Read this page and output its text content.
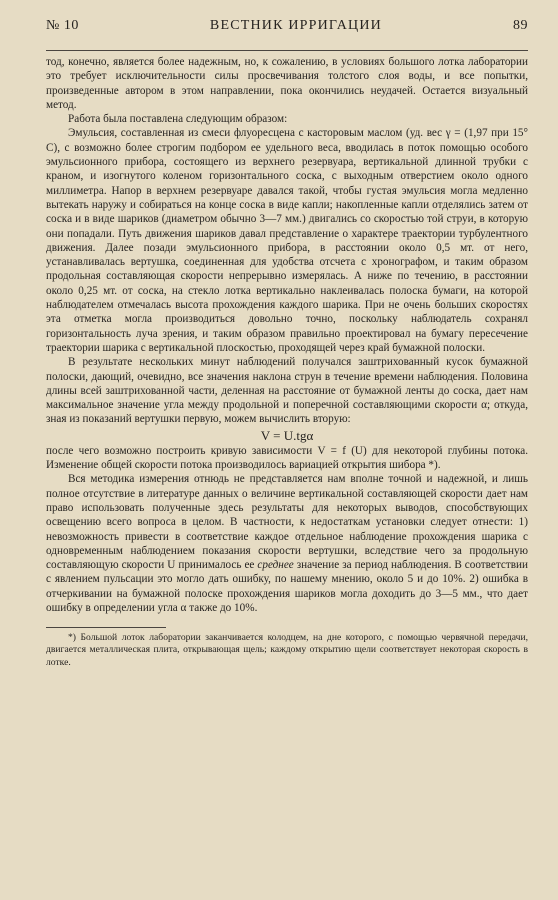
№ 10	ВЕСТНИК ИРРИГАЦИИ	89

тод, конечно, является более надежным, но, к сожалению, в условиях большого лотка лаборатории это требует исключительности силы просвечивания толстого слоя воды, и все попытки, произведенные автором в этом направлении, пока окончились неудачей. Остается визуальный метод.

Работа была поставлена следующим образом:

Эмульсия, составленная из смеси флуоресцена с касторовым маслом (уд. вес γ = (1,97 при 15° С), с возможно более строгим подбором ее удельного веса, вводилась в поток помощью особого эмульсионного прибора, состоящего из верхнего резервуара, вертикальной длинной трубки с краном, и изогнутого коленом горизонтального соска, с выходным отверстием около одного миллиметра. Напор в верхнем резервуаре давался такой, чтобы густая эмульсия могла медленно вытекать наружу и собираться на конце соска в виде капли; накопленные капли отделялись затем от соска и в виде шариков (диаметром обычно 3—7 мм.) двигались со скоростью той струи, в которую они попадали. Путь движения шариков давал представление о характере траектории турбулентного движения. Далее позади эмульсионного прибора, в расстоянии около 0,5 мт. от него, устанавливалась вертушка, соединенная для удобства отсчета с хронографом, и таким образом продольная составляющая скорости непрерывно измерялась. А ниже по течению, в расстоянии около 0,25 мт. от соска, на стекло лотка вертикально наклеивалась полоска бумаги, на которой наблюдателем отмечалась высота прохождения каждого шарика. При не очень больших скоростях эта отметка могла производиться довольно точно, поскольку наблюдатель сохранял горизонтальность луча зрения, и таким образом правильно проектировал на бумагу пересечение траектории шарика с вертикальной плоскостью, проходящей через край бумажной полоски.

В результате нескольких минут наблюдений получался заштрихованный кусок бумажной полоски, дающий, очевидно, все значения наклона струн в течение времени наблюдения. Половина длины всей заштрихованной части, деленная на расстояние от бумажной ленты до соска, дает нам максимальное значение угла между продольной и поперечной составляющими скорости α; откуда, зная из показаний вертушки первую, можем вычислить вторую:

V = U.tgα

после чего возможно построить кривую зависимости V = f (U) для некоторой глубины потока. Изменение общей скорости потока производилось вариацией открытия шибора *).

Вся методика измерения отнюдь не представляется нам вполне точной и надежной, и лишь полное отсутствие в литературе данных о величине вертикальной составляющей скорости дает нам право использовать полученные здесь результаты для некоторых выводов, способствующих освещению всего вопроса в целом. В частности, к недостаткам установки следует отнести: 1) невозможность привести в соответствие каждое отдельное наблюдение прохождения шарика с одновременным наблюдением показания скорости вертушки, вследствие чего за продольную составляющую скорости U принималось ее среднее значение за период наблюдения. В соответствии с явлением пульсации это могло дать ошибку, по нашему мнению, около 5 и до 10%. 2) ошибка в отчеркивании на бумажной полоске прохождения шариков могла доходить до 3—5 мм., что дает ошибку в определении угла α также до 10%.

*) Большой лоток лаборатории заканчивается колодцем, на дне которого, с помощью червячной передачи, двигается металлическая плита, открывающая щель; каждому открытию щели соответствует некоторая скорость в лотке.
